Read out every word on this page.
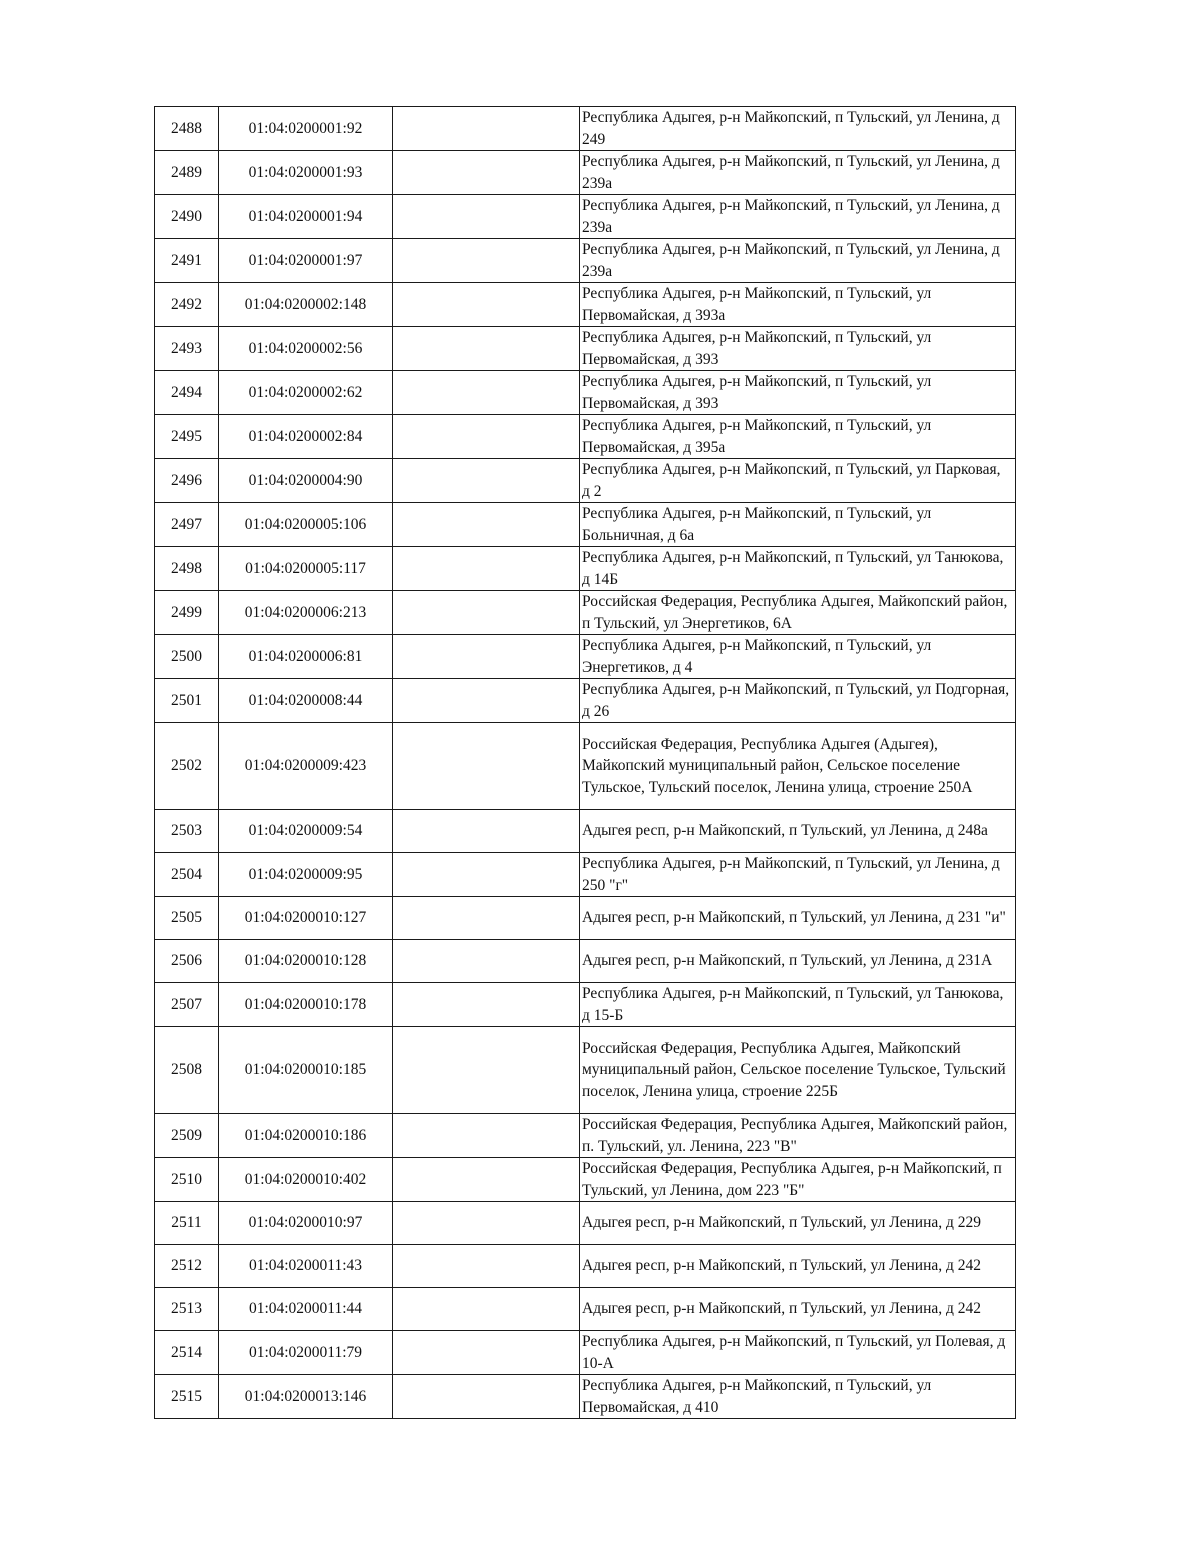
2488	01:04:0200001:92		Республика Адыгея, р-н Майкопский, п Тульский, ул Ленина, д 249
2489	01:04:0200001:93		Республика Адыгея, р-н Майкопский, п Тульский, ул Ленина, д 239а
2490	01:04:0200001:94		Республика Адыгея, р-н Майкопский, п Тульский, ул Ленина, д 239а
2491	01:04:0200001:97		Республика Адыгея, р-н Майкопский, п Тульский, ул Ленина, д 239а
2492	01:04:0200002:148		Республика Адыгея, р-н Майкопский, п Тульский, ул Первомайская, д 393а
2493	01:04:0200002:56		Республика Адыгея, р-н Майкопский, п Тульский, ул Первомайская, д 393
2494	01:04:0200002:62		Республика Адыгея, р-н Майкопский, п Тульский, ул Первомайская, д 393
2495	01:04:0200002:84		Республика Адыгея, р-н Майкопский, п Тульский, ул Первомайская, д 395а
2496	01:04:0200004:90		Республика Адыгея, р-н Майкопский, п Тульский, ул Парковая, д 2
2497	01:04:0200005:106		Республика Адыгея, р-н Майкопский, п Тульский, ул Больничная, д 6а
2498	01:04:0200005:117		Республика Адыгея, р-н Майкопский, п Тульский, ул Танюкова, д 14Б
2499	01:04:0200006:213		Российская Федерация, Республика Адыгея, Майкопский район, п Тульский, ул Энергетиков, 6А
2500	01:04:0200006:81		Республика Адыгея, р-н Майкопский, п Тульский, ул Энергетиков, д 4
2501	01:04:0200008:44		Республика Адыгея, р-н Майкопский, п Тульский, ул Подгорная, д 26
2502	01:04:0200009:423		Российская Федерация, Республика Адыгея (Адыгея), Майкопский муниципальный район, Сельское поселение Тульское, Тульский поселок, Ленина улица, строение 250А
2503	01:04:0200009:54		Адыгея респ, р-н Майкопский, п Тульский, ул Ленина, д 248а
2504	01:04:0200009:95		Республика Адыгея, р-н Майкопский, п Тульский, ул Ленина, д 250 "г"
2505	01:04:0200010:127		Адыгея респ, р-н Майкопский, п Тульский, ул Ленина, д 231 "и"
2506	01:04:0200010:128		Адыгея респ, р-н Майкопский, п Тульский, ул Ленина, д 231А
2507	01:04:0200010:178		Республика Адыгея, р-н Майкопский, п Тульский, ул Танюкова, д 15-Б
2508	01:04:0200010:185		Российская Федерация, Республика Адыгея, Майкопский муниципальный район, Сельское поселение Тульское, Тульский поселок, Ленина улица, строение 225Б
2509	01:04:0200010:186		Российская Федерация, Республика Адыгея, Майкопский район, п. Тульский, ул. Ленина, 223 "В"
2510	01:04:0200010:402		Российская Федерация, Республика Адыгея, р-н Майкопский, п Тульский, ул Ленина, дом 223 "Б"
2511	01:04:0200010:97		Адыгея респ, р-н Майкопский, п Тульский, ул Ленина, д 229
2512	01:04:0200011:43		Адыгея респ, р-н Майкопский, п Тульский, ул Ленина, д 242
2513	01:04:0200011:44		Адыгея респ, р-н Майкопский, п Тульский, ул Ленина, д 242
2514	01:04:0200011:79		Республика Адыгея, р-н Майкопский, п Тульский, ул Полевая, д 10-А
2515	01:04:0200013:146		Республика Адыгея, р-н Майкопский, п Тульский, ул Первомайская, д 410
